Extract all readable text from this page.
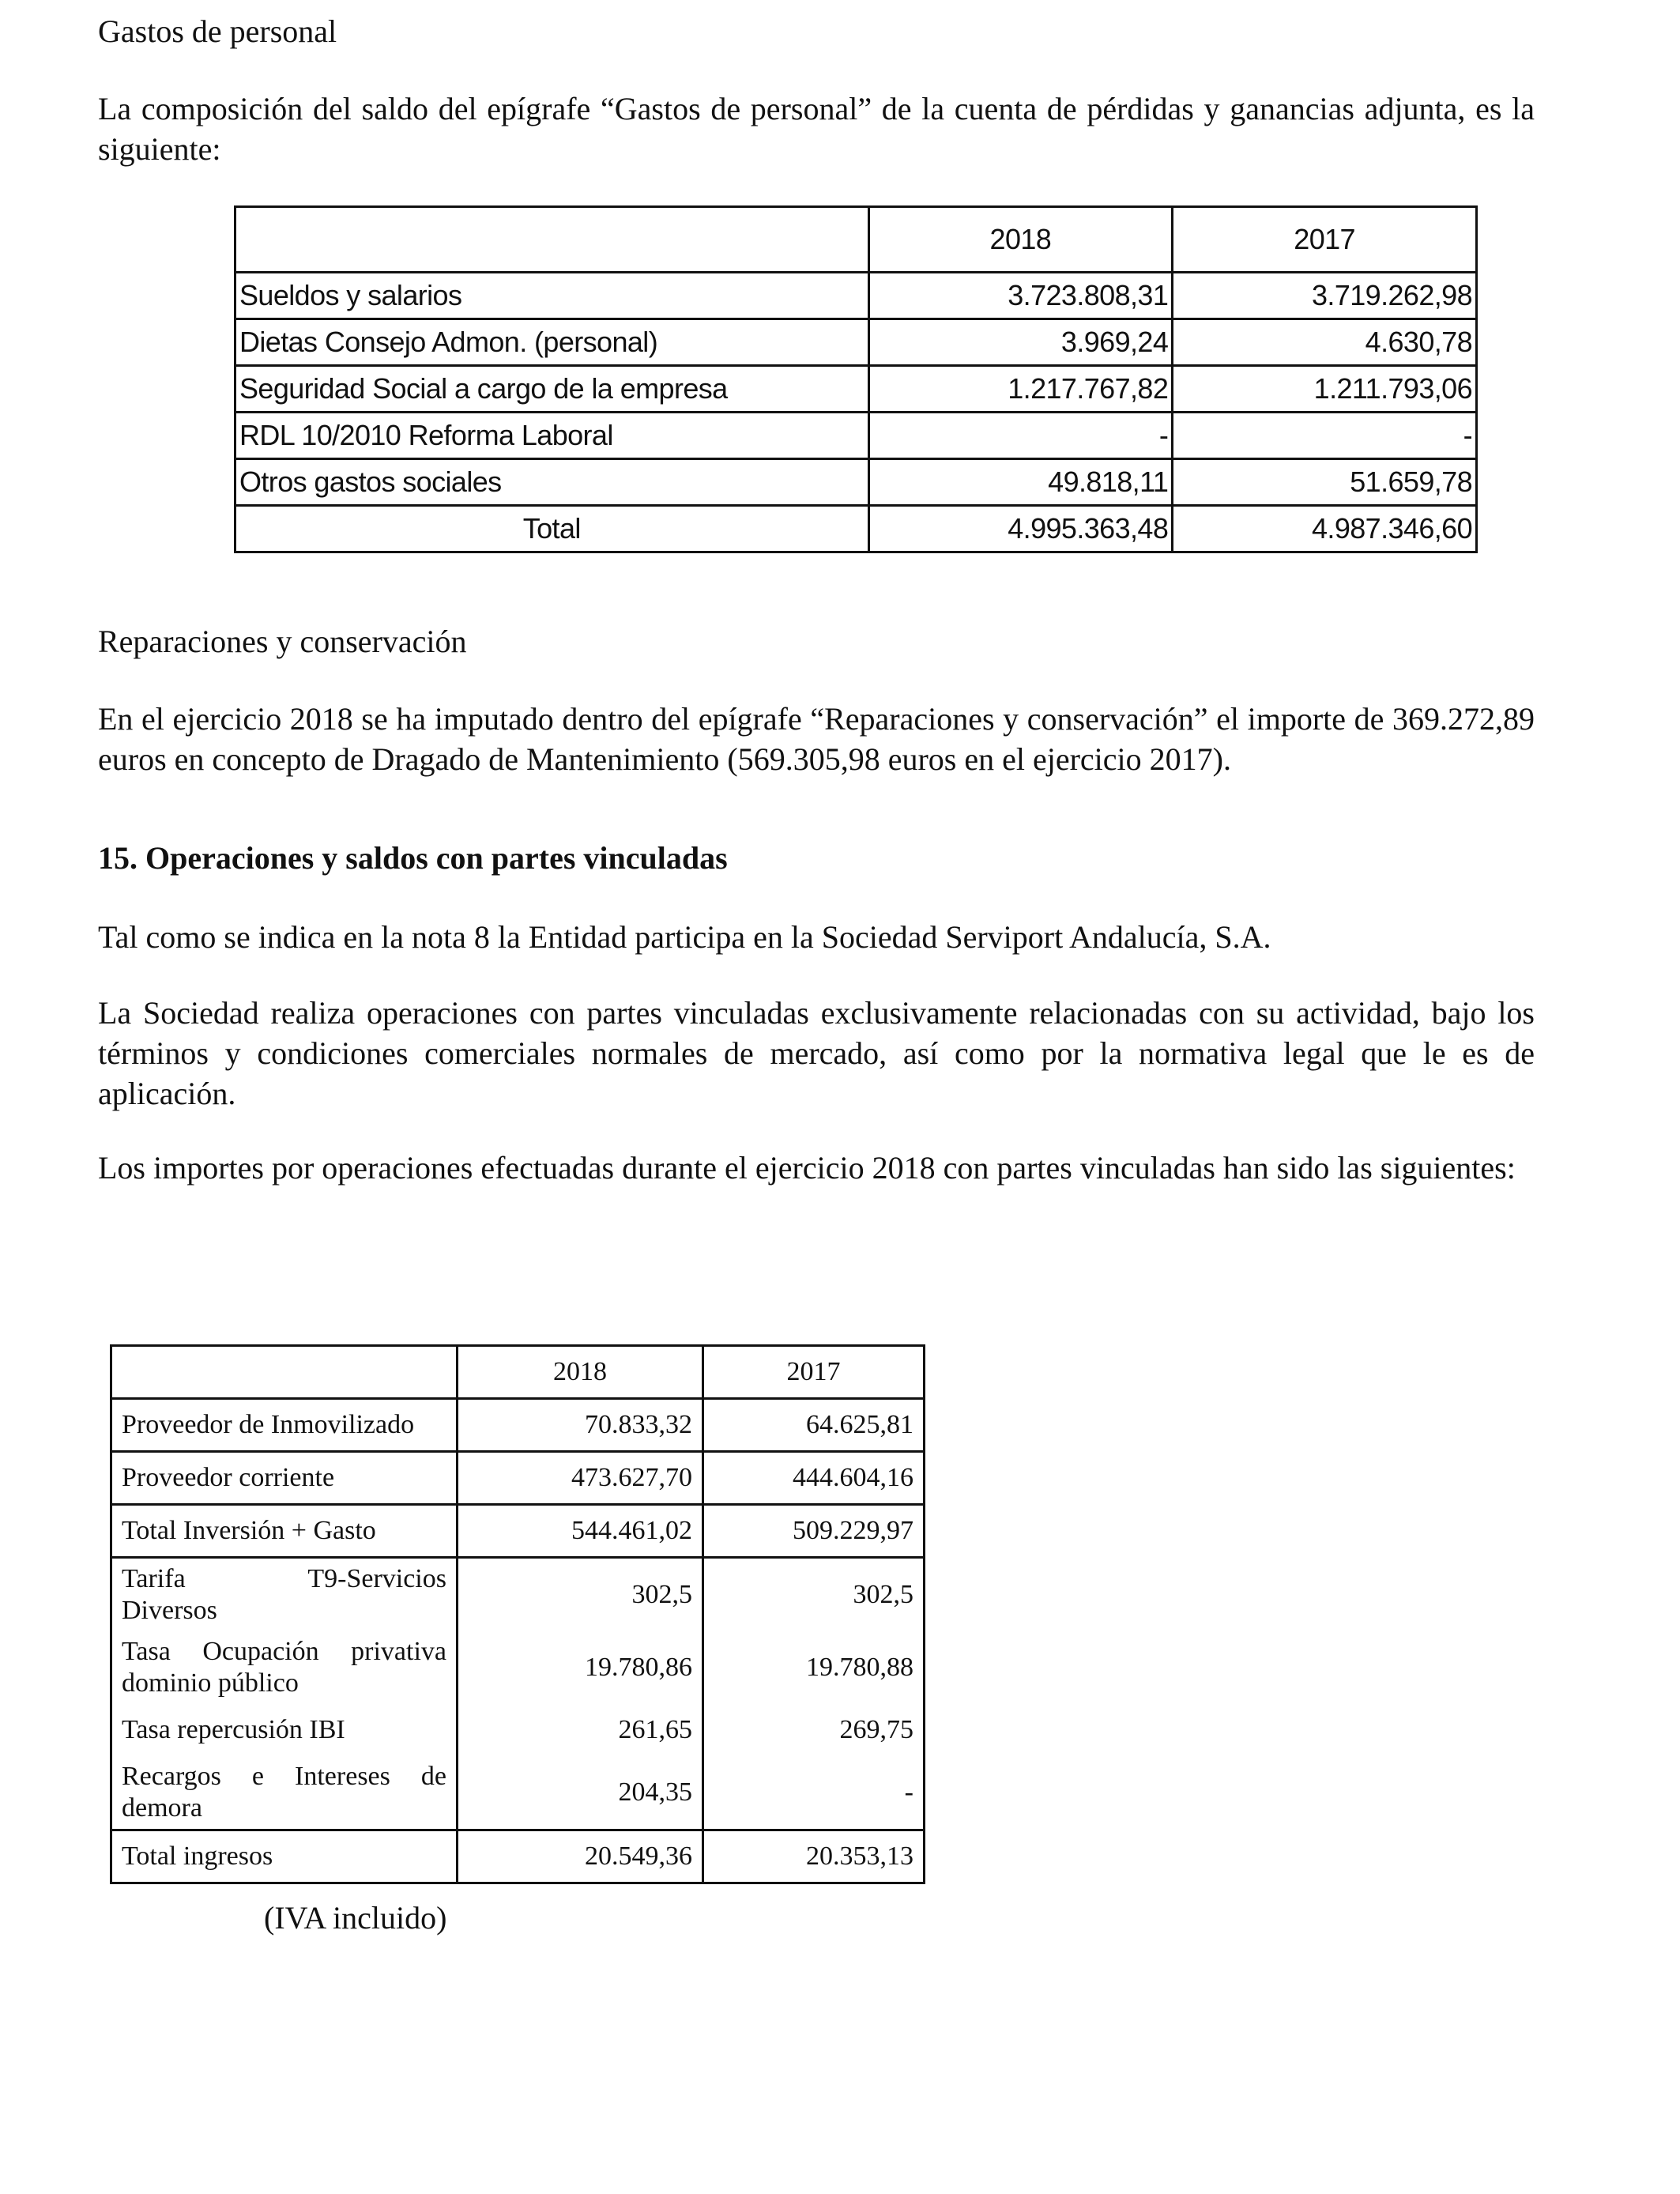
Gastos de personal

La composición del saldo del epígrafe “Gastos de personal” de la cuenta de pérdidas y ganancias adjunta, es la siguiente:

	2018	2017
Sueldos y salarios	3.723.808,31	3.719.262,98
Dietas Consejo Admon. (personal)	3.969,24	4.630,78
Seguridad Social a cargo de la empresa	1.217.767,82	1.211.793,06
RDL 10/2010 Reforma Laboral	-	-
Otros gastos sociales	49.818,11	51.659,78
Total	4.995.363,48	4.987.346,60

Reparaciones y conservación

En el ejercicio 2018 se ha imputado dentro del epígrafe “Reparaciones y conservación” el importe de 369.272,89 euros en concepto de Dragado de Mantenimiento (569.305,98 euros en el ejercicio 2017).

15. Operaciones y saldos con partes vinculadas

Tal como se indica en la nota 8 la Entidad participa en la Sociedad Serviport Andalucía, S.A.

La Sociedad realiza operaciones con partes vinculadas exclusivamente relacionadas con su actividad, bajo los términos y condiciones comerciales normales de mercado, así como por la normativa legal que le es de aplicación.

Los importes por operaciones efectuadas durante el ejercicio 2018 con partes vinculadas han sido las siguientes:

	2018	2017
Proveedor de Inmovilizado	70.833,32	64.625,81
Proveedor corriente	473.627,70	444.604,16
Total Inversión + Gasto	544.461,02	509.229,97

Tarifa T9-Servicios
Diversos	302,5	302,5
Tasa Ocupación privativa dominio público	19.780,86	19.780,88
Tasa repercusión IBI	261,65	269,75
Recargos e Intereses de demora	204,35	-
Total ingresos	20.549,36	20.353,13

(IVA incluido)
